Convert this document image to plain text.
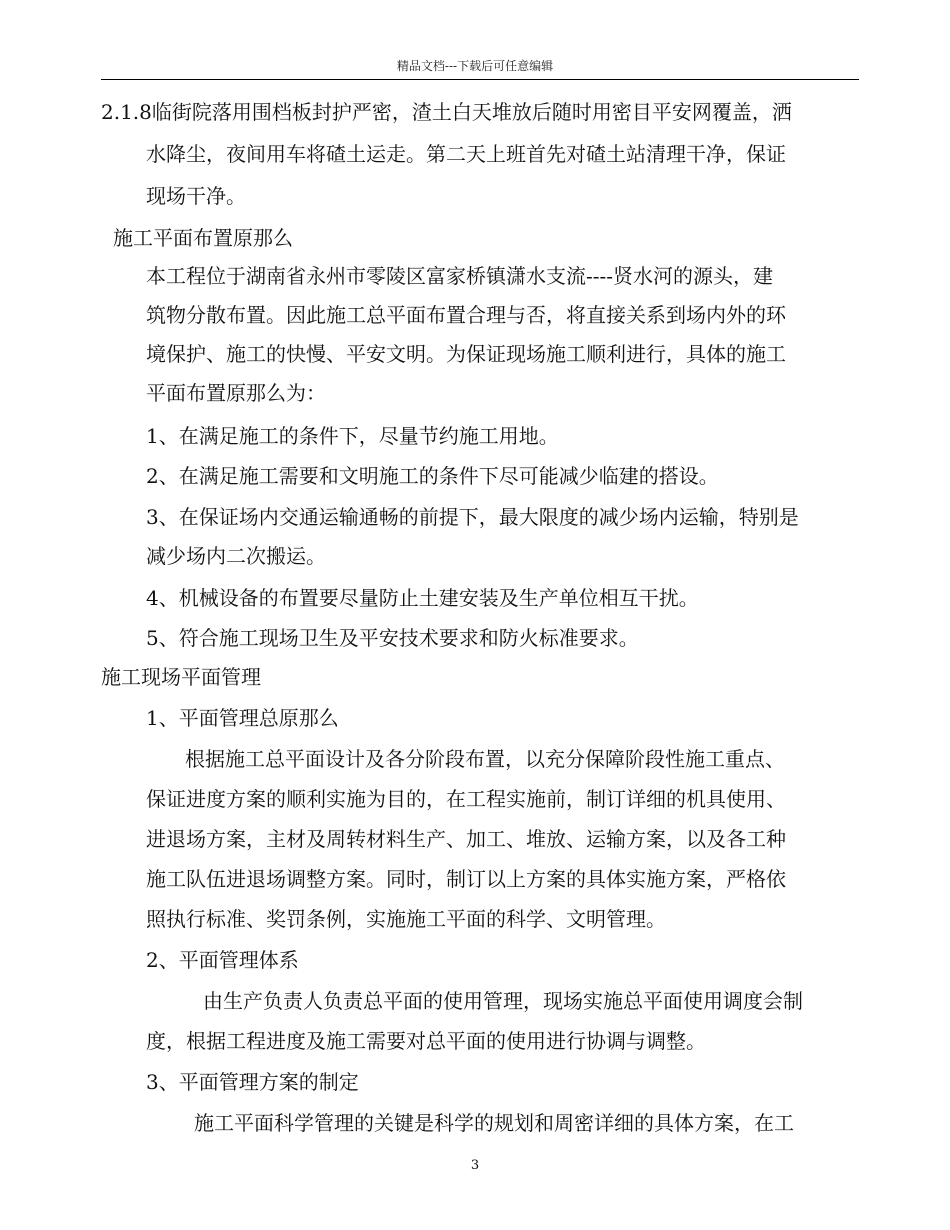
精品文档---下载后可任意编辑
2.1.8临街院落用围档板封护严密，渣土白天堆放后随时用密目平安网覆盖，洒
水降尘，夜间用车将碴土运走。第二天上班首先对碴土站清理干净，保证
现场干净。
施工平面布置原那么
本工程位于湖南省永州市零陵区富家桥镇潇水支流----贤水河的源头，建
筑物分散布置。因此施工总平面布置合理与否，将直接关系到场内外的环
境保护、施工的快慢、平安文明。为保证现场施工顺利进行，具体的施工
平面布置原那么为：
1、在满足施工的条件下，尽量节约施工用地。
2、在满足施工需要和文明施工的条件下尽可能减少临建的搭设。
3、在保证场内交通运输通畅的前提下，最大限度的减少场内运输，特别是
减少场内二次搬运。
4、机械设备的布置要尽量防止土建安装及生产单位相互干扰。
5、符合施工现场卫生及平安技术要求和防火标准要求。
施工现场平面管理
1、平面管理总原那么
根据施工总平面设计及各分阶段布置，以充分保障阶段性施工重点、
保证进度方案的顺利实施为目的，在工程实施前，制订详细的机具使用、
进退场方案，主材及周转材料生产、加工、堆放、运输方案，以及各工种
施工队伍进退场调整方案。同时，制订以上方案的具体实施方案，严格依
照执行标准、奖罚条例，实施施工平面的科学、文明管理。
2、平面管理体系
由生产负责人负责总平面的使用管理，现场实施总平面使用调度会制
度，根据工程进度及施工需要对总平面的使用进行协调与调整。
3、平面管理方案的制定
施工平面科学管理的关键是科学的规划和周密详细的具体方案，在工
3
